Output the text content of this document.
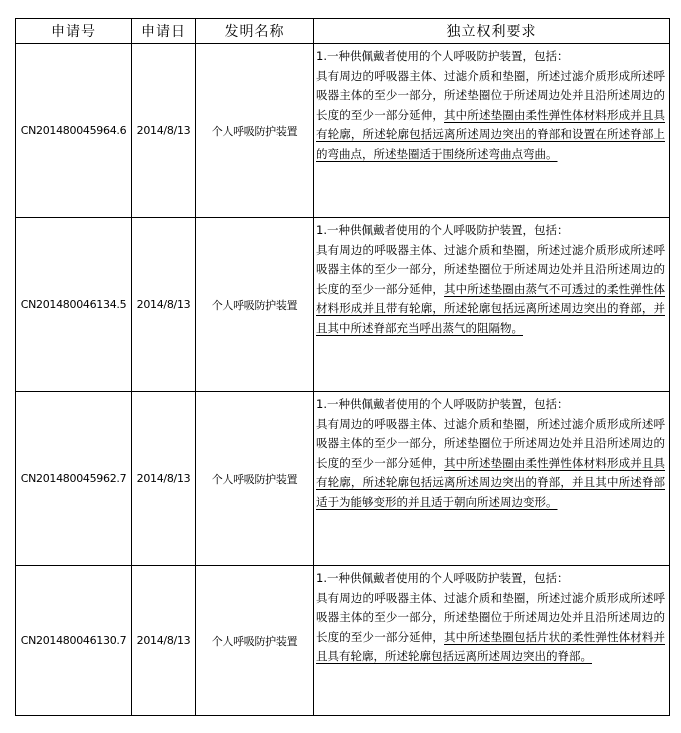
申请号	申请日	发明名称	独立权利要求
CN201480045964.6	2014/8/13	个人呼吸防护装置	1.一种供佩戴者使用的个人呼吸防护装置，包括：
具有周边的呼吸器主体、过滤介质和垫圈，所述过滤介质形成所述呼吸器主体的至少一部分，所述垫圈位于所述周边处并且沿所述周边的长度的至少一部分延伸，其中所述垫圈由柔性弹性体材料形成并且具有轮廓，所述轮廓包括远离所述周边突出的脊部和设置在所述脊部上的弯曲点，所述垫圈适于围绕所述弯曲点弯曲。

CN201480046134.5	2014/8/13	个人呼吸防护装置	1.一种供佩戴者使用的个人呼吸防护装置，包括：
具有周边的呼吸器主体、过滤介质和垫圈，所述过滤介质形成所述呼吸器主体的至少一部分，所述垫圈位于所述周边处并且沿所述周边的长度的至少一部分延伸，其中所述垫圈由蒸气不可透过的柔性弹性体材料形成并且带有轮廓，所述轮廓包括远离所述周边突出的脊部，并且其中所述脊部充当呼出蒸气的阻隔物。

CN201480045962.7	2014/8/13	个人呼吸防护装置	1.一种供佩戴者使用的个人呼吸防护装置，包括：
具有周边的呼吸器主体、过滤介质和垫圈，所述过滤介质形成所述呼吸器主体的至少一部分，所述垫圈位于所述周边处并且沿所述周边的长度的至少一部分延伸，其中所述垫圈由柔性弹性体材料形成并且具有轮廓，所述轮廓包括远离所述周边突出的脊部，并且其中所述脊部适于为能够变形的并且适于朝向所述周边变形。

CN201480046130.7	2014/8/13	个人呼吸防护装置	1.一种供佩戴者使用的个人呼吸防护装置，包括：
具有周边的呼吸器主体、过滤介质和垫圈，所述过滤介质形成所述呼吸器主体的至少一部分，所述垫圈位于所述周边处并且沿所述周边的长度的至少一部分延伸，其中所述垫圈包括片状的柔性弹性体材料并且具有轮廓，所述轮廓包括远离所述周边突出的脊部。
